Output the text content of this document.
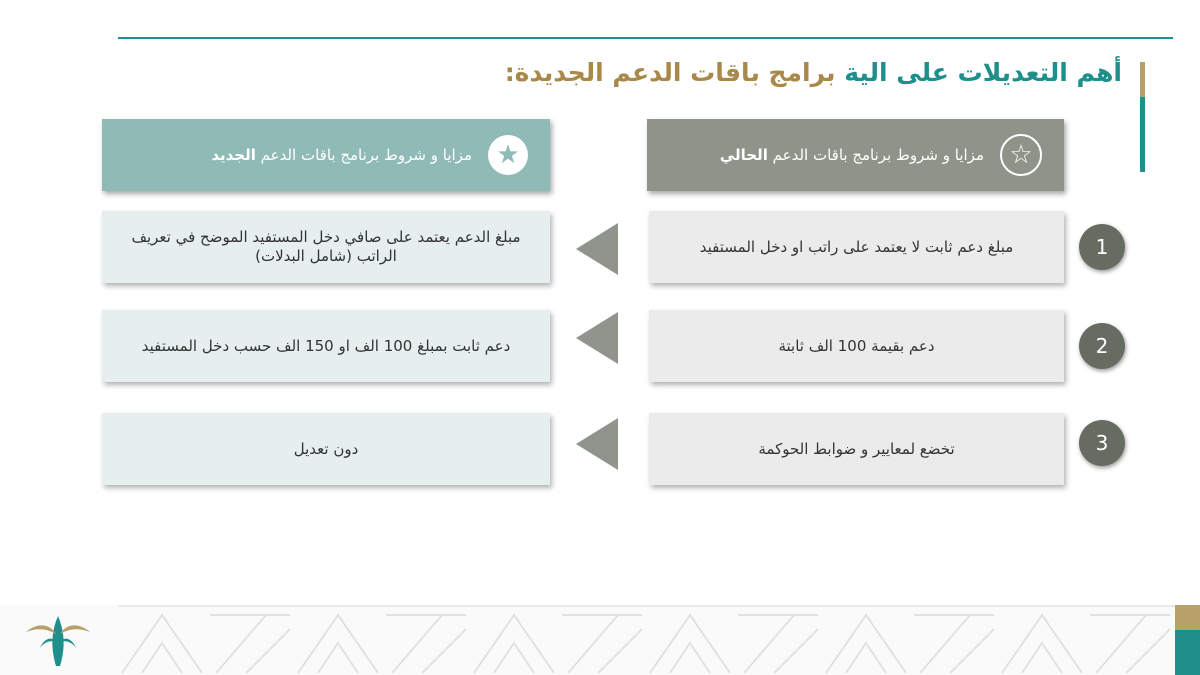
أهم التعديلات على الية برامج باقات الدعم الجديدة:
☆
مزايا و شروط برنامج باقات الدعم الحالي
★
مزايا و شروط برنامج باقات الدعم الجديد
1
مبلغ دعم ثابت لا يعتمد على راتب او دخل المستفيد
مبلغ الدعم يعتمد على صافي دخل المستفيد الموضح في تعريف الراتب (شامل البدلات)
2
دعم بقيمة 100 الف ثابتة
دعم ثابت بمبلغ 100 الف او 150 الف حسب دخل المستفيد
3
تخضع لمعايير و ضوابط الحوكمة
دون تعديل
